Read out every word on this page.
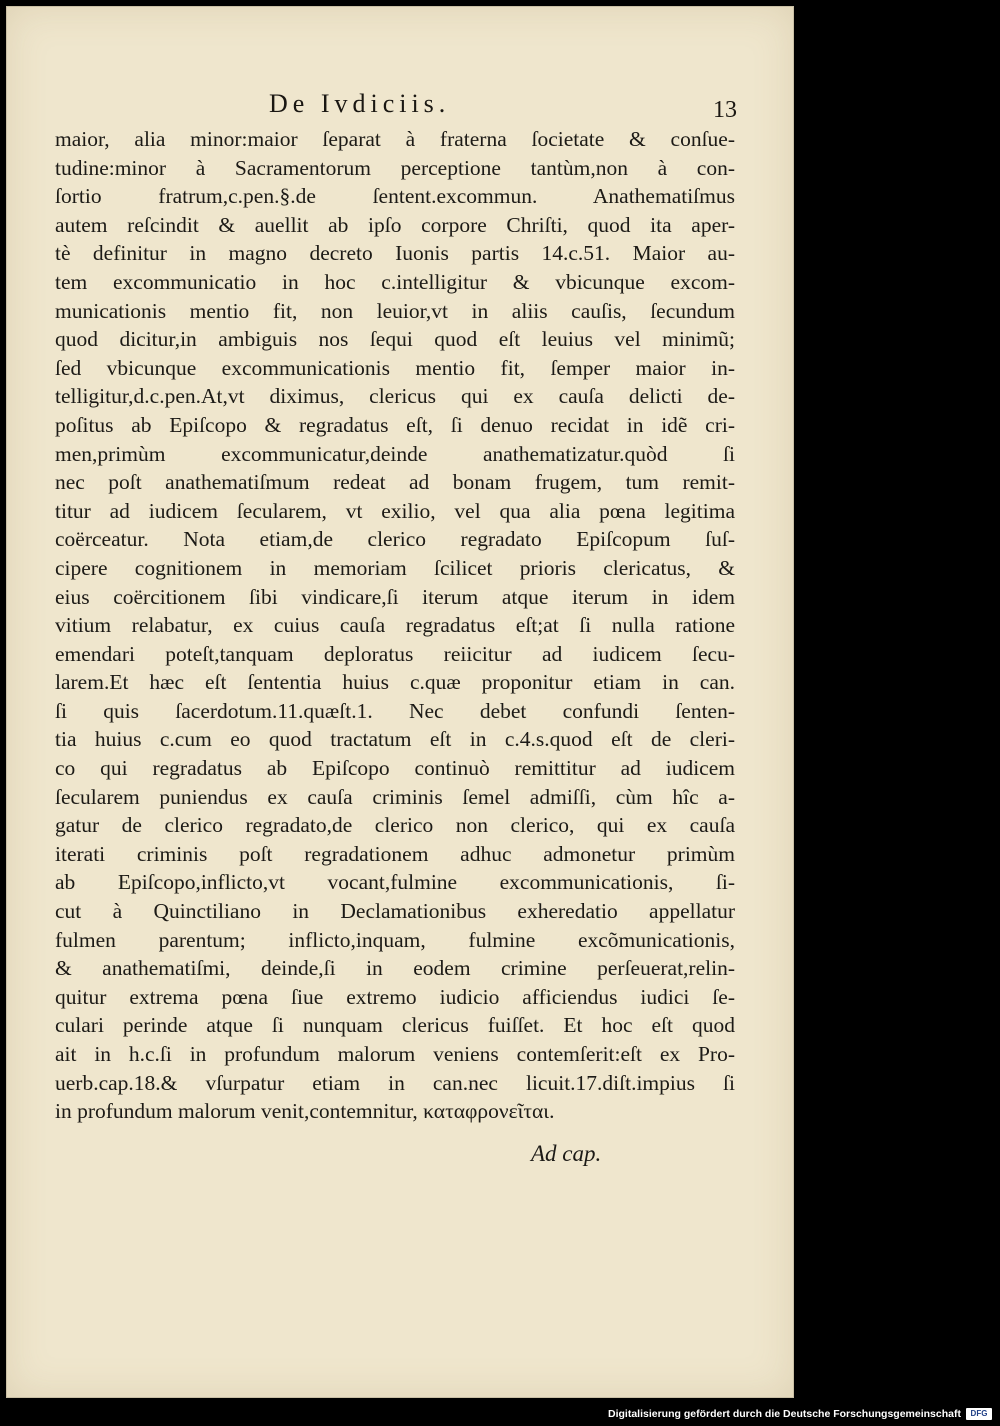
De Ivdiciis.	13
maior, alia minor:maior ſeparat à fraterna ſocietate & conſue-
tudine:minor à Sacramentorum perceptione tantùm,non à con-
ſortio fratrum,c.pen.§.de ſentent.excommun. Anathematiſmus
autem reſcindit & auellit ab ipſo corpore Chriſti, quod ita aper-
tè definitur in magno decreto Iuonis partis 14.c.51. Maior au-
tem excommunicatio in hoc c.intelligitur & vbicunque excom-
municationis mentio fit, non leuior,vt in aliis cauſis, ſecundum
quod dicitur,in ambiguis nos ſequi quod eſt leuius vel minimũ;
ſed vbicunque excommunicationis mentio fit, ſemper maior in-
telligitur,d.c.pen.At,vt diximus, clericus qui ex cauſa delicti de-
poſitus ab Epiſcopo & regradatus eſt, ſi denuo recidat in idẽ cri-
men,primùm excommunicatur,deinde anathematizatur.quòd ſi
nec poſt anathematiſmum redeat ad bonam frugem, tum remit-
titur ad iudicem ſecularem, vt exilio, vel qua alia pœna legitima
coërceatur. Nota etiam,de clerico regradato Epiſcopum ſuſ-
cipere cognitionem in memoriam ſcilicet prioris clericatus, &
eius coërcitionem ſibi vindicare,ſi iterum atque iterum in idem
vitium relabatur, ex cuius cauſa regradatus eſt;at ſi nulla ratione
emendari poteſt,tanquam deploratus reiicitur ad iudicem ſecu-
larem.Et hæc eſt ſententia huius c.quæ proponitur etiam in can.
ſi quis ſacerdotum.11.quæſt.1. Nec debet confundi ſenten-
tia huius c.cum eo quod tractatum eſt in c.4.s.quod eſt de cleri-
co qui regradatus ab Epiſcopo continuò remittitur ad iudicem
ſecularem puniendus ex cauſa criminis ſemel admiſſi, cùm hîc a-
gatur de clerico regradato,de clerico non clerico, qui ex cauſa
iterati criminis poſt regradationem adhuc admonetur primùm
ab Epiſcopo,inflicto,vt vocant,fulmine excommunicationis, ſi-
cut à Quinctiliano in Declamationibus exheredatio appellatur
fulmen parentum; inflicto,inquam, fulmine excõmunicationis,
& anathematiſmi, deinde,ſi in eodem crimine perſeuerat,relin-
quitur extrema pœna ſiue extremo iudicio afficiendus iudici ſe-
culari perinde atque ſi nunquam clericus fuiſſet. Et hoc eſt quod
ait in h.c.ſi in profundum malorum veniens contemſerit:eſt ex Pro-
uerb.cap.18.& vſurpatur etiam in can.nec licuit.17.diſt.impius ſi
in profundum malorum venit,contemnitur, καταφρονεῖται.
Ad cap.
Digitalisierung gefördert durch die Deutsche Forschungsgemeinschaft	DFG
